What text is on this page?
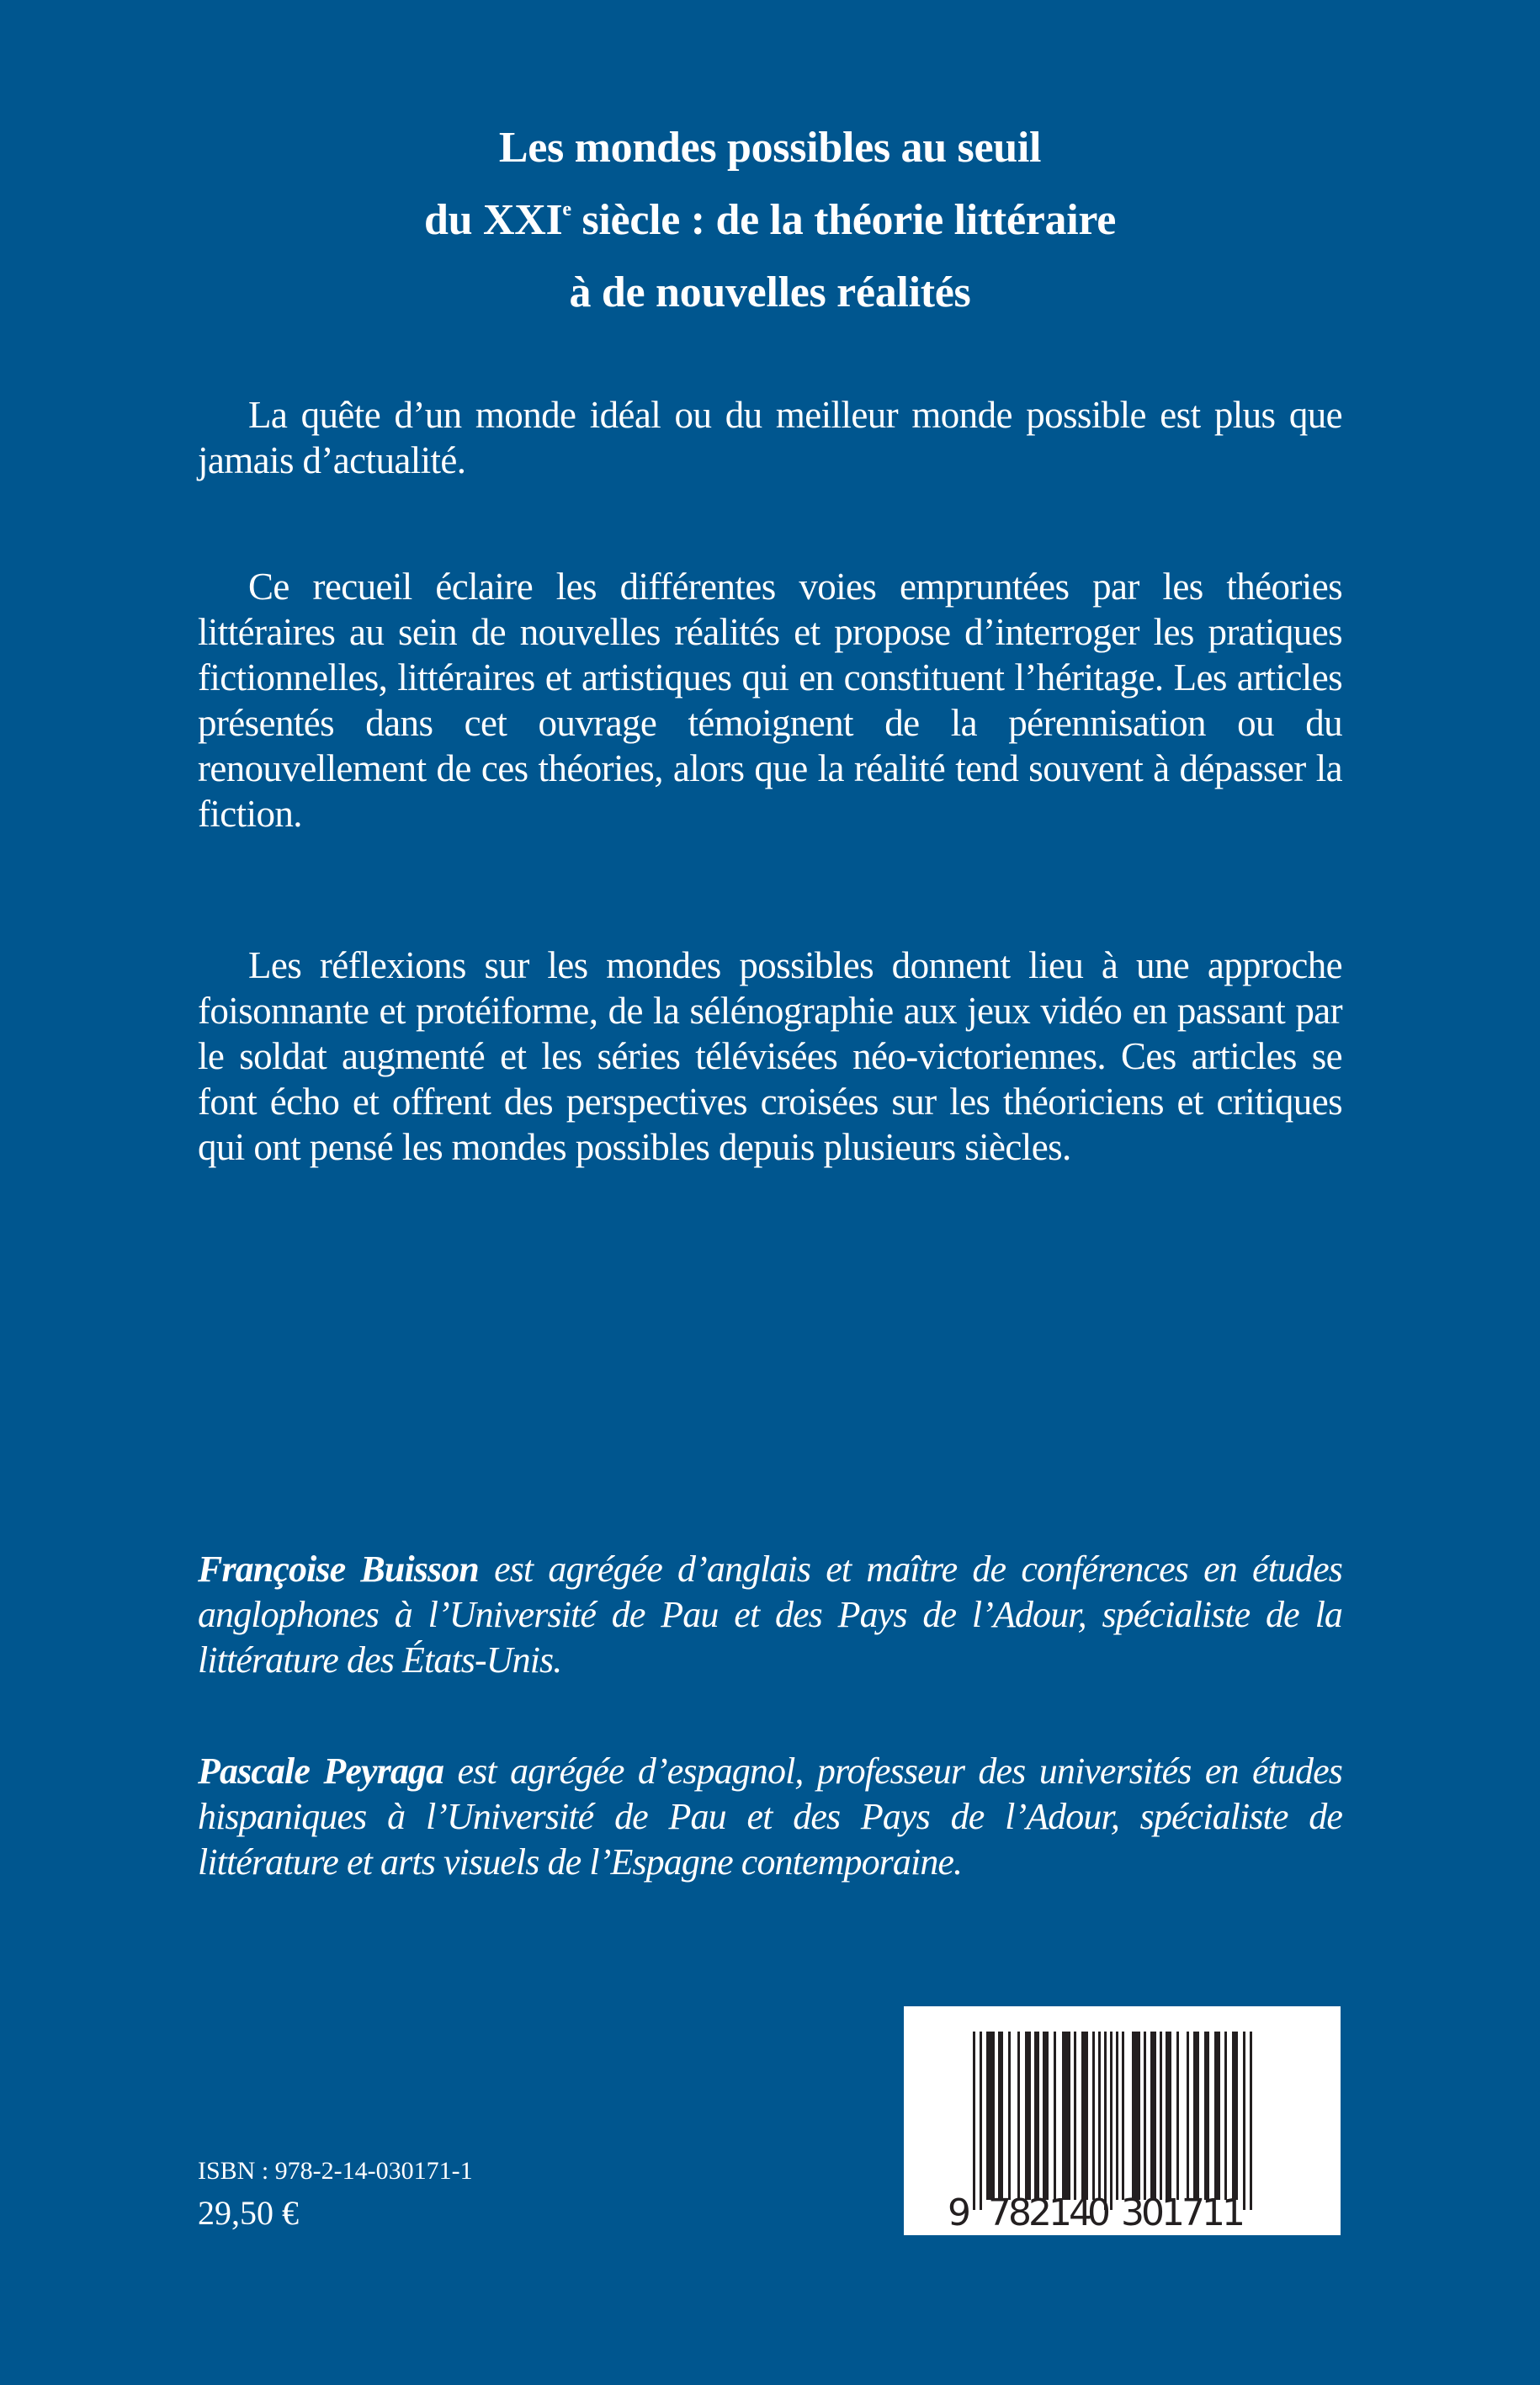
Les mondes possibles au seuil
du XXIe siècle : de la théorie littéraire
à de nouvelles réalités

La quête d’un monde idéal ou du meilleur monde possible est plus que jamais d’actualité.

Ce recueil éclaire les différentes voies empruntées par les théories littéraires au sein de nouvelles réalités et propose d’interroger les pratiques fictionnelles, littéraires et artistiques qui en constituent l’héritage. Les articles présentés dans cet ouvrage témoignent de la pérennisation ou du renouvellement de ces théories, alors que la réalité tend souvent à dépasser la fiction.

Les réflexions sur les mondes possibles donnent lieu à une approche foisonnante et protéiforme, de la sélénographie aux jeux vidéo en passant par le soldat augmenté et les séries télévisées néo-victoriennes. Ces articles se font écho et offrent des perspectives croisées sur les théoriciens et critiques qui ont pensé les mondes possibles depuis plusieurs siècles.

Françoise Buisson est agrégée d’anglais et maître de conférences en études anglophones à l’Université de Pau et des Pays de l’Adour, spécialiste de la littérature des États-Unis.
Pascale Peyraga est agrégée d’espagnol, professeur des universités en études hispaniques à l’Université de Pau et des Pays de l’Adour, spécialiste de littérature et arts visuels de l’Espagne contemporaine.
ISBN : 978-2-14-030171-1
29,50 €	9 7
8
2
1
4
0 3
0
1
7
1
1
